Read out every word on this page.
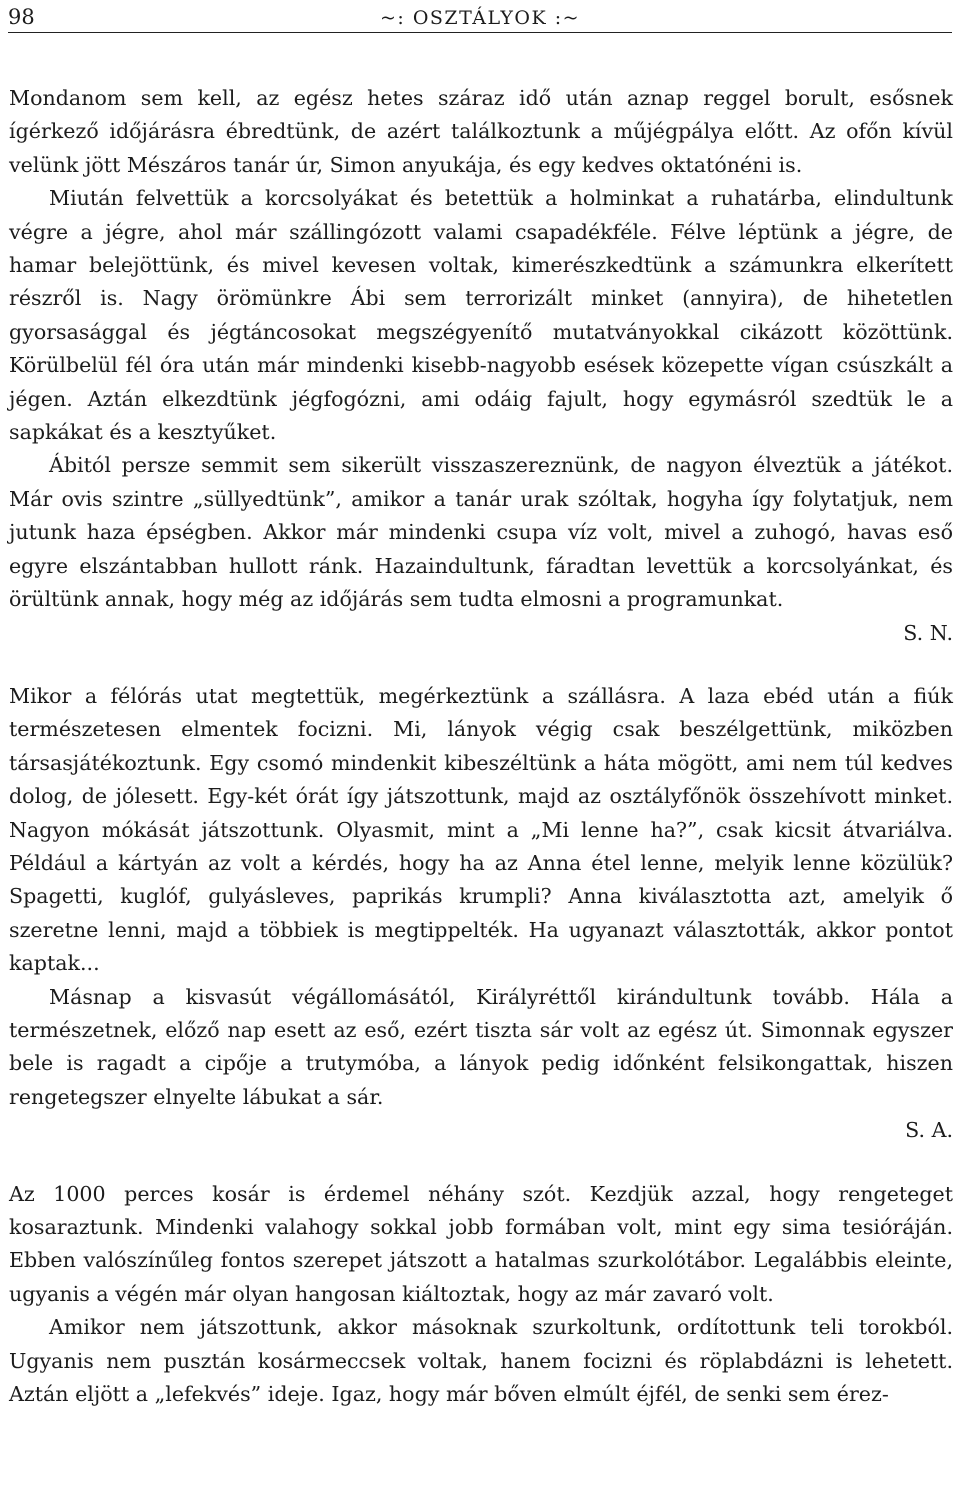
98	~: OSZTÁLYOK :~

Mondanom sem kell, az egész hetes száraz idő után aznap reggel borult, esősnek ígérkező időjárásra ébredtünk, de azért találkoztunk a műjégpálya előtt. Az ofőn kívül velünk jött Mészáros tanár úr, Simon anyukája, és egy kedves oktatónéni is.

Miután felvettük a korcsolyákat és betettük a holminkat a ruhatárba, elindultunk végre a jégre, ahol már szállingózott valami csapadékféle. Félve léptünk a jégre, de hamar belejöttünk, és mivel kevesen voltak, kimerészkedtünk a számunkra elkerített részről is. Nagy örömünkre Ábi sem terrorizált minket (annyira), de hihetetlen gyorsasággal és jégtáncosokat megszégyenítő mutatványokkal cikázott közöttünk. Körülbelül fél óra után már mindenki kisebb-nagyobb esések közepette vígan csúszkált a jégen. Aztán elkezdtünk jégfogózni, ami odáig fajult, hogy egymásról szedtük le a sapkákat és a kesztyűket.

Ábitól persze semmit sem sikerült visszaszereznünk, de nagyon élveztük a játékot. Már ovis szintre „süllyedtünk”, amikor a tanár urak szóltak, hogyha így folytatjuk, nem jutunk haza épségben. Akkor már mindenki csupa víz volt, mivel a zuhogó, havas eső egyre elszántabban hullott ránk. Hazaindultunk, fáradtan levettük a korcsolyánkat, és örültünk annak, hogy még az időjárás sem tudta elmosni a programunkat.

S. N.

Mikor a félórás utat megtettük, megérkeztünk a szállásra. A laza ebéd után a fiúk természetesen elmentek focizni. Mi, lányok végig csak beszélgettünk, miközben társasjátékoztunk. Egy csomó mindenkit kibeszéltünk a háta mögött, ami nem túl kedves dolog, de jólesett. Egy-két órát így játszottunk, majd az osztályfőnök összehívott minket. Nagyon mókását játszottunk. Olyasmit, mint a „Mi lenne ha?”, csak kicsit átvariálva. Például a kártyán az volt a kérdés, hogy ha az Anna étel lenne, melyik lenne közülük? Spagetti, kuglóf, gulyásleves, paprikás krumpli? Anna kiválasztotta azt, amelyik ő szeretne lenni, majd a többiek is megtippelték. Ha ugyanazt választották, akkor pontot kaptak...

Másnap a kisvasút végállomásától, Királyréttől kirándultunk tovább. Hála a természetnek, előző nap esett az eső, ezért tiszta sár volt az egész út. Simonnak egyszer bele is ragadt a cipője a trutymóba, a lányok pedig időnként felsikongattak, hiszen rengetegszer elnyelte lábukat a sár.

S. A.

Az 1000 perces kosár is érdemel néhány szót. Kezdjük azzal, hogy rengeteget kosaraztunk. Mindenki valahogy sokkal jobb formában volt, mint egy sima tesióráján. Ebben valószínűleg fontos szerepet játszott a hatalmas szurkolótábor. Legalábbis eleinte, ugyanis a végén már olyan hangosan kiáltoztak, hogy az már zavaró volt.

Amikor nem játszottunk, akkor másoknak szurkoltunk, ordítottunk teli torokból. Ugyanis nem pusztán kosármeccsek voltak, hanem focizni és röplabdázni is lehetett. Aztán eljött a „lefekvés” ideje. Igaz, hogy már bőven elmúlt éjfél, de senki sem érez-
